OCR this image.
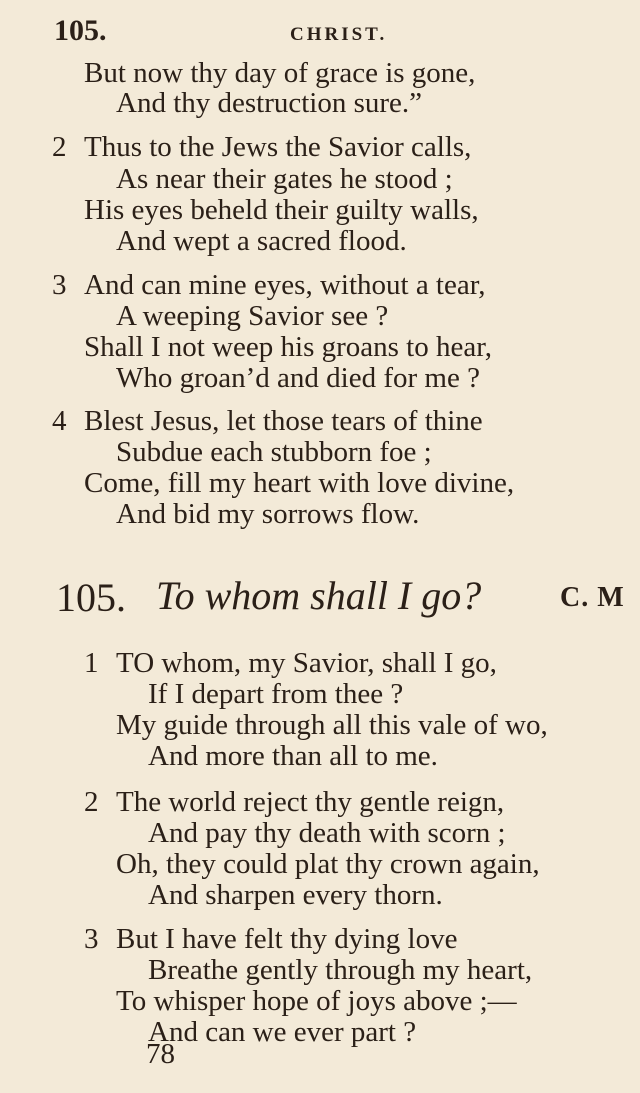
105.	CHRIST.
But now thy day of grace is gone,
And thy destruction sure.”
2 Thus to the Jews the Savior calls,
As near their gates he stood ;
His eyes beheld their guilty walls,
And wept a sacred flood.
3 And can mine eyes, without a tear,
A weeping Savior see ?
Shall I not weep his groans to hear,
Who groan’d and died for me ?
4 Blest Jesus, let those tears of thine
Subdue each stubborn foe ;
Come, fill my heart with love divine,
And bid my sorrows flow.
105. To whom shall I go?	C. M
1 TO whom, my Savior, shall I go,
If I depart from thee ?
My guide through all this vale of wo,
And more than all to me.
2 The world reject thy gentle reign,
And pay thy death with scorn ;
Oh, they could plat thy crown again,
And sharpen every thorn.
3 But I have felt thy dying love
Breathe gently through my heart,
To whisper hope of joys above ;—
And can we ever part ?
78
